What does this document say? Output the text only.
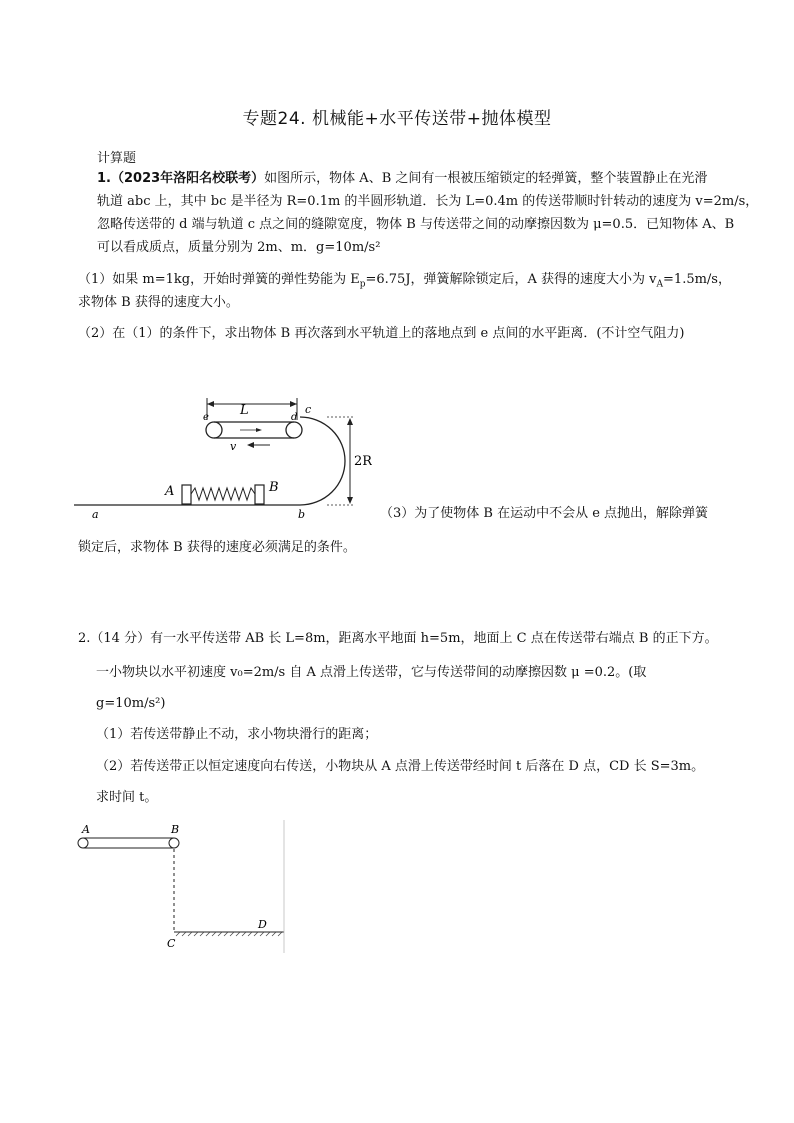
专题24. 机械能+水平传送带+抛体模型
计算题
1.（2023年洛阳名校联考）如图所示，物体 A、B 之间有一根被压缩锁定的轻弹簧，整个装置静止在光滑
轨道 abc 上，其中 bc 是半径为 R=0.1m 的半圆形轨道．长为 L=0.4m 的传送带顺时针转动的速度为 v=2m/s，
忽略传送带的 d 端与轨道 c 点之间的缝隙宽度，物体 B 与传送带之间的动摩擦因数为 μ=0.5．已知物体 A、B
可以看成质点，质量分别为 2m、m．g=10m/s²
（1）如果 m=1kg，开始时弹簧的弹性势能为 $E_p=6.75J$，弹簧解除锁定后，A 获得的速度大小为 $v_A=1.5m/s$，
求物体 B 获得的速度大小。
（2）在（1）的条件下，求出物体 B 再次落到水平轨道上的落地点到 e 点间的水平距离．(不计空气阻力)
L
e	d
c
v
2R
a	b
A	B
（3）为了使物体 B 在运动中不会从 e 点抛出，解除弹簧
锁定后，求物体 B 获得的速度必须满足的条件。
2.（14 分）有一水平传送带 AB 长 L=8m，距离水平地面 h=5m，地面上 C 点在传送带右端点 B 的正下方。
一小物块以水平初速度 v₀=2m/s 自 A 点滑上传送带，它与传送带间的动摩擦因数 μ =0.2。(取
g=10m/s²)
（1）若传送带静止不动，求小物块滑行的距离；
（2）若传送带正以恒定速度向右传送，小物块从 A 点滑上传送带经时间 t 后落在 D 点，CD 长 S=3m。
求时间 t。
A	B
C
D
